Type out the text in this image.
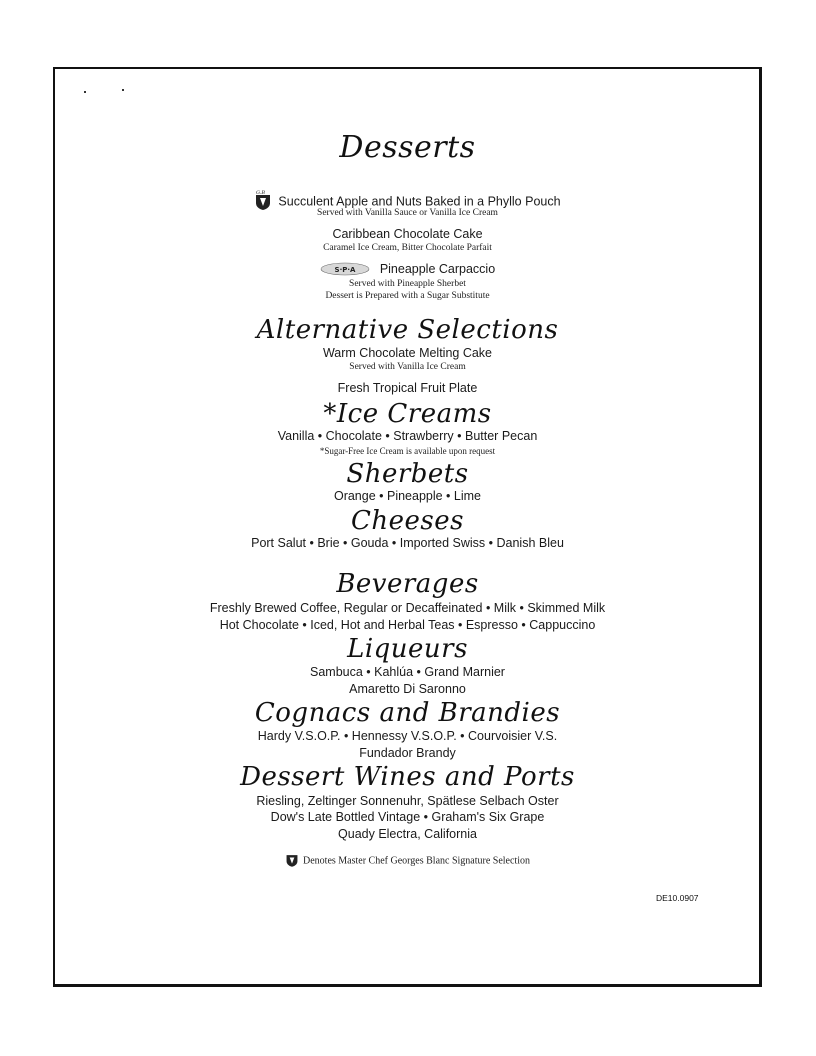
Desserts
G.B
Succulent Apple and Nuts Baked in a Phyllo Pouch
Served with Vanilla Sauce or Vanilla Ice Cream
Caribbean Chocolate Cake
Caramel Ice Cream, Bitter Chocolate Parfait
S·P·A Pineapple Carpaccio
Served with Pineapple Sherbet
Dessert is Prepared with a Sugar Substitute
Alternative Selections
Warm Chocolate Melting Cake
Served with Vanilla Ice Cream
Fresh Tropical Fruit Plate
*Ice Creams
Vanilla • Chocolate • Strawberry • Butter Pecan
*Sugar-Free Ice Cream is available upon request
Sherbets
Orange • Pineapple • Lime
Cheeses
Port Salut • Brie • Gouda • Imported Swiss • Danish Bleu
Beverages
Freshly Brewed Coffee, Regular or Decaffeinated • Milk • Skimmed Milk
Hot Chocolate • Iced, Hot and Herbal Teas • Espresso • Cappuccino
Liqueurs
Sambuca • Kahlúa • Grand Marnier
Amaretto Di Saronno
Cognacs and Brandies
Hardy V.S.O.P. • Hennessy V.S.O.P. • Courvoisier V.S.
Fundador Brandy
Dessert Wines and Ports
Riesling, Zeltinger Sonnenuhr, Spätlese Selbach Oster
Dow's Late Bottled Vintage • Graham's Six Grape
Quady Electra, California
Denotes Master Chef Georges Blanc Signature Selection
DE10.0907
